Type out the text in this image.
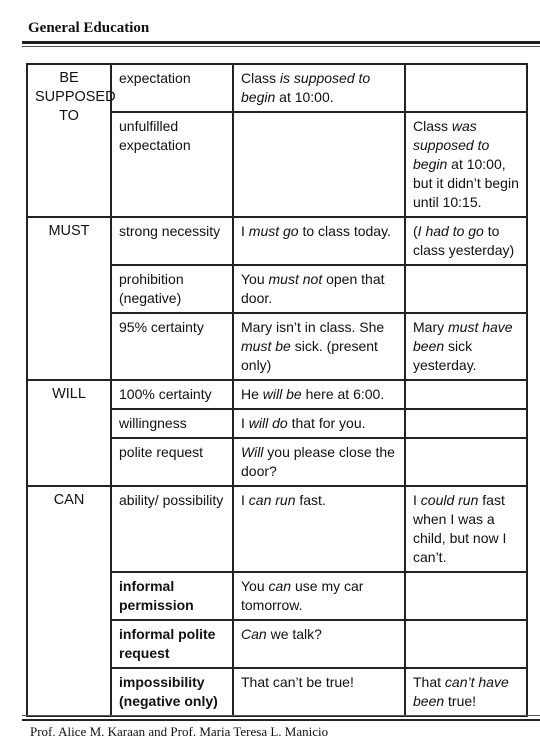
General Education
BE SUPPOSED TO	expectation	Class is supposed to begin at 10:00.	
	unfulfilled expectation		Class was supposed to begin at 10:00, but it didn’t begin until 10:15.
MUST	strong necessity	I must go to class today.	(I had to go to class yesterday)
	prohibition (negative)	You must not open that door.	
	95% certainty	Mary isn’t in class. She must be sick. (present only)	Mary must have been sick yesterday.
WILL	100% certainty	He will be here at 6:00.	
	willingness	I will do that for you.	
	polite request	Will you please close the door?	
CAN	ability/ possibility	I can run fast.	I could run fast when I was a child, but now I can’t.
	informal permission	You can use my car tomorrow.	
	informal polite request	Can we talk?	
	impossibility (negative only)	That can’t be true!	That can’t have been true!
Prof. Alice M. Karaan and Prof. Maria Teresa L. Manicio
